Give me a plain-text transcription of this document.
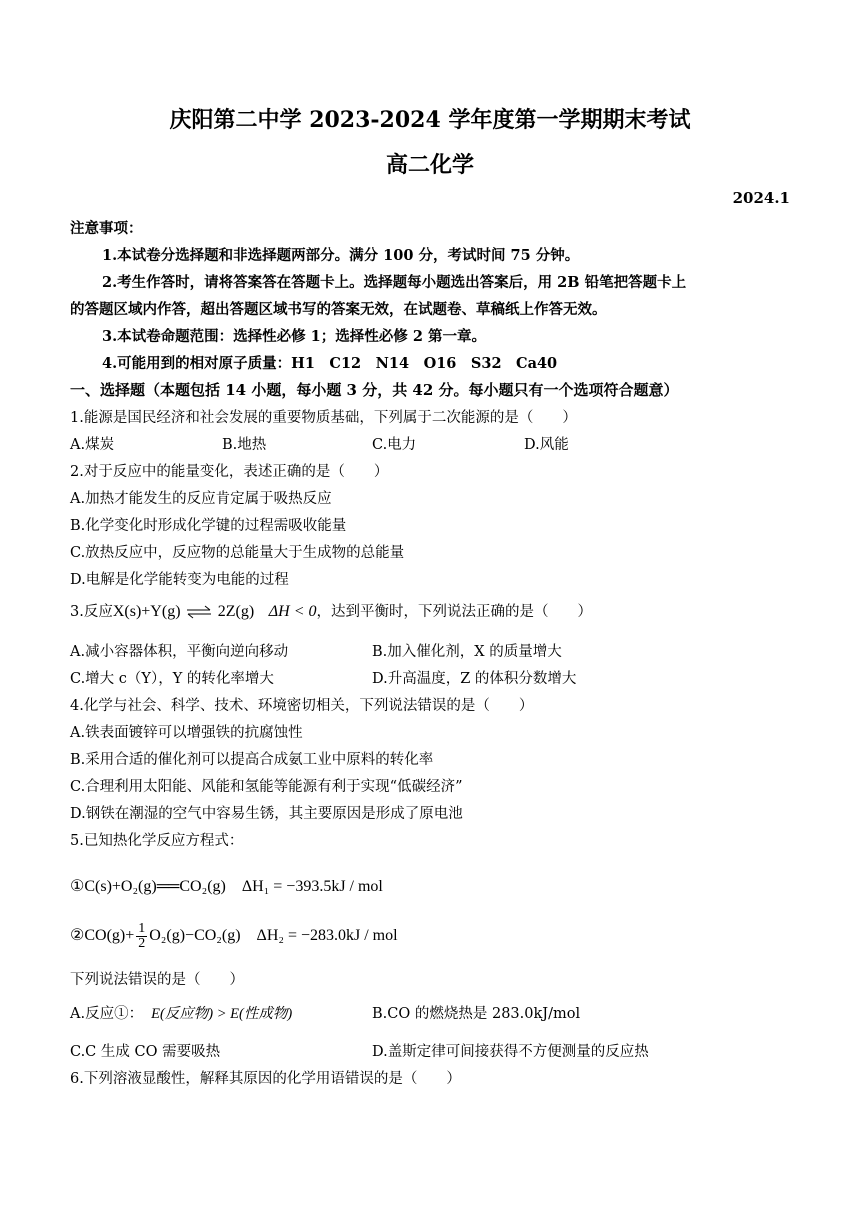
庆阳第二中学 2023-2024 学年度第一学期期末考试
高二化学
2024.1
注意事项：
1.本试卷分选择题和非选择题两部分。满分 100 分，考试时间 75 分钟。
2.考生作答时，请将答案答在答题卡上。选择题每小题选出答案后，用 2B 铅笔把答题卡上
的答题区域内作答，超出答题区域书写的答案无效，在试题卷、草稿纸上作答无效。
3.本试卷命题范围：选择性必修 1；选择性必修 2 第一章。
4.可能用到的相对原子质量：H1　C12　N14　O16　S32　Ca40
一、选择题（本题包括 14 小题，每小题 3 分，共 42 分。每小题只有一个选项符合题意）
1.能源是国民经济和社会发展的重要物质基础，下列属于二次能源的是（　　）
A.煤炭	B.地热	C.电力	D.风能
2.对于反应中的能量变化，表述正确的是（　　）
A.加热才能发生的反应肯定属于吸热反应
B.化学变化时形成化学键的过程需吸收能量
C.放热反应中，反应物的总能量大于生成物的总能量
D.电解是化学能转变为电能的过程
3.反应X(s)+Y(g) ⇌ 2Z(g) ΔH < 0，达到平衡时，下列说法正确的是（　　）
A.减小容器体积，平衡向逆向移动	B.加入催化剂，X 的质量增大
C.增大 c（Y），Y 的转化率增大	D.升高温度，Z 的体积分数增大
4.化学与社会、科学、技术、环境密切相关，下列说法错误的是（　　）
A.铁表面镀锌可以增强铁的抗腐蚀性
B.采用合适的催化剂可以提高合成氨工业中原料的转化率
C.合理利用太阳能、风能和氢能等能源有利于实现“低碳经济”
D.钢铁在潮湿的空气中容易生锈，其主要原因是形成了原电池
5.已知热化学反应方程式：
①C(s)+O₂(g)══CO₂(g)　ΔH₁ = −393.5kJ / mol
②CO(g)+ $\frac{1}{2} O_2(g)-CO_2(g)$　ΔH₂ = −283.0kJ / mol
下列说法错误的是（　　）
A.反应①： E(反应物) > E(性成物)	B.CO 的燃烧热是 283.0kJ/mol
C.C 生成 CO 需要吸热	D.盖斯定律可间接获得不方便测量的反应热
6.下列溶液显酸性，解释其原因的化学用语错误的是（　　）
